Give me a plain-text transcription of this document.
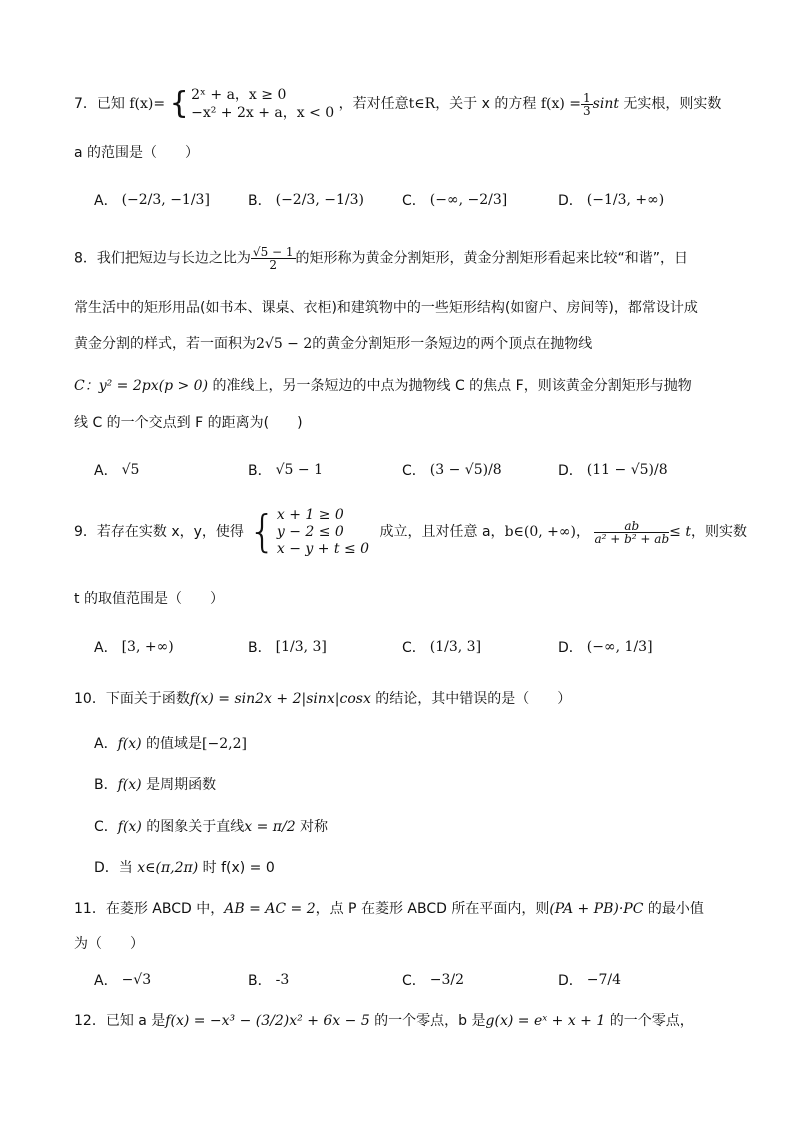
7．已知 f(x)= { 2ˣ + a，x ≥ 0
−x² + 2x + a，x < 0
，若对任意t∈R，关于 x 的方程 $f(x) = \frac{1}{3}$ sint 无实根，则实数
a 的范围是（　　）
A． (−2/3, −1/3]	B． (−2/3, −1/3)	C． (−∞, −2/3]	D． (−1/3, +∞)
8．我们把短边与长边之比为 $\frac{√5 - 1}{2}$ 的矩形称为黄金分割矩形，黄金分割矩形看起来比较“和谐”，日
常生活中的矩形用品(如书本、课桌、衣柜)和建筑物中的一些矩形结构(如窗户、房间等)，都常设计成
黄金分割的样式，若一面积为2√5 − 2的黄金分割矩形一条短边的两个顶点在抛物线
C：y² = 2px(p > 0) 的准线上，另一条短边的中点为抛物线 C 的焦点 F，则该黄金分割矩形与抛物
线 C 的一个交点到 F 的距离为(　　)
A． √5	B． √5 − 1	C． (3 − √5)/8	D． (11 − √5)/8
9．若存在实数 x，y，使得 { x + 1 ≥ 0
y − 2 ≤ 0
x − y + t ≤ 0
成立，且对任意 a，b∈(0, +∞)， $\frac{ab}{\text{a² + b² + ab}} \le t$，则实数
t 的取值范围是（　　）
A． [3, +∞)	B． [1/3, 3]	C． (1/3, 3]	D． (−∞, 1/3]
10．下面关于函数f(x) = sin2x + 2|sinx|cosx 的结论，其中错误的是（　　）
A．f(x) 的值域是[−2,2]
B．f(x) 是周期函数
C．f(x) 的图象关于直线x = π/2 对称
D．当 x∈(π,2π) 时 f(x) = 0
11．在菱形 ABCD 中，AB = AC = 2，点 P 在菱形 ABCD 所在平面内，则(PA + PB)·PC 的最小值
为（　　）
A． −√3	B． -3	C． −3/2	D． −7/4
12．已知 a 是f(x) = −x³ − (3/2)x² + 6x − 5 的一个零点，b 是g(x) = eˣ + x + 1 的一个零点，
